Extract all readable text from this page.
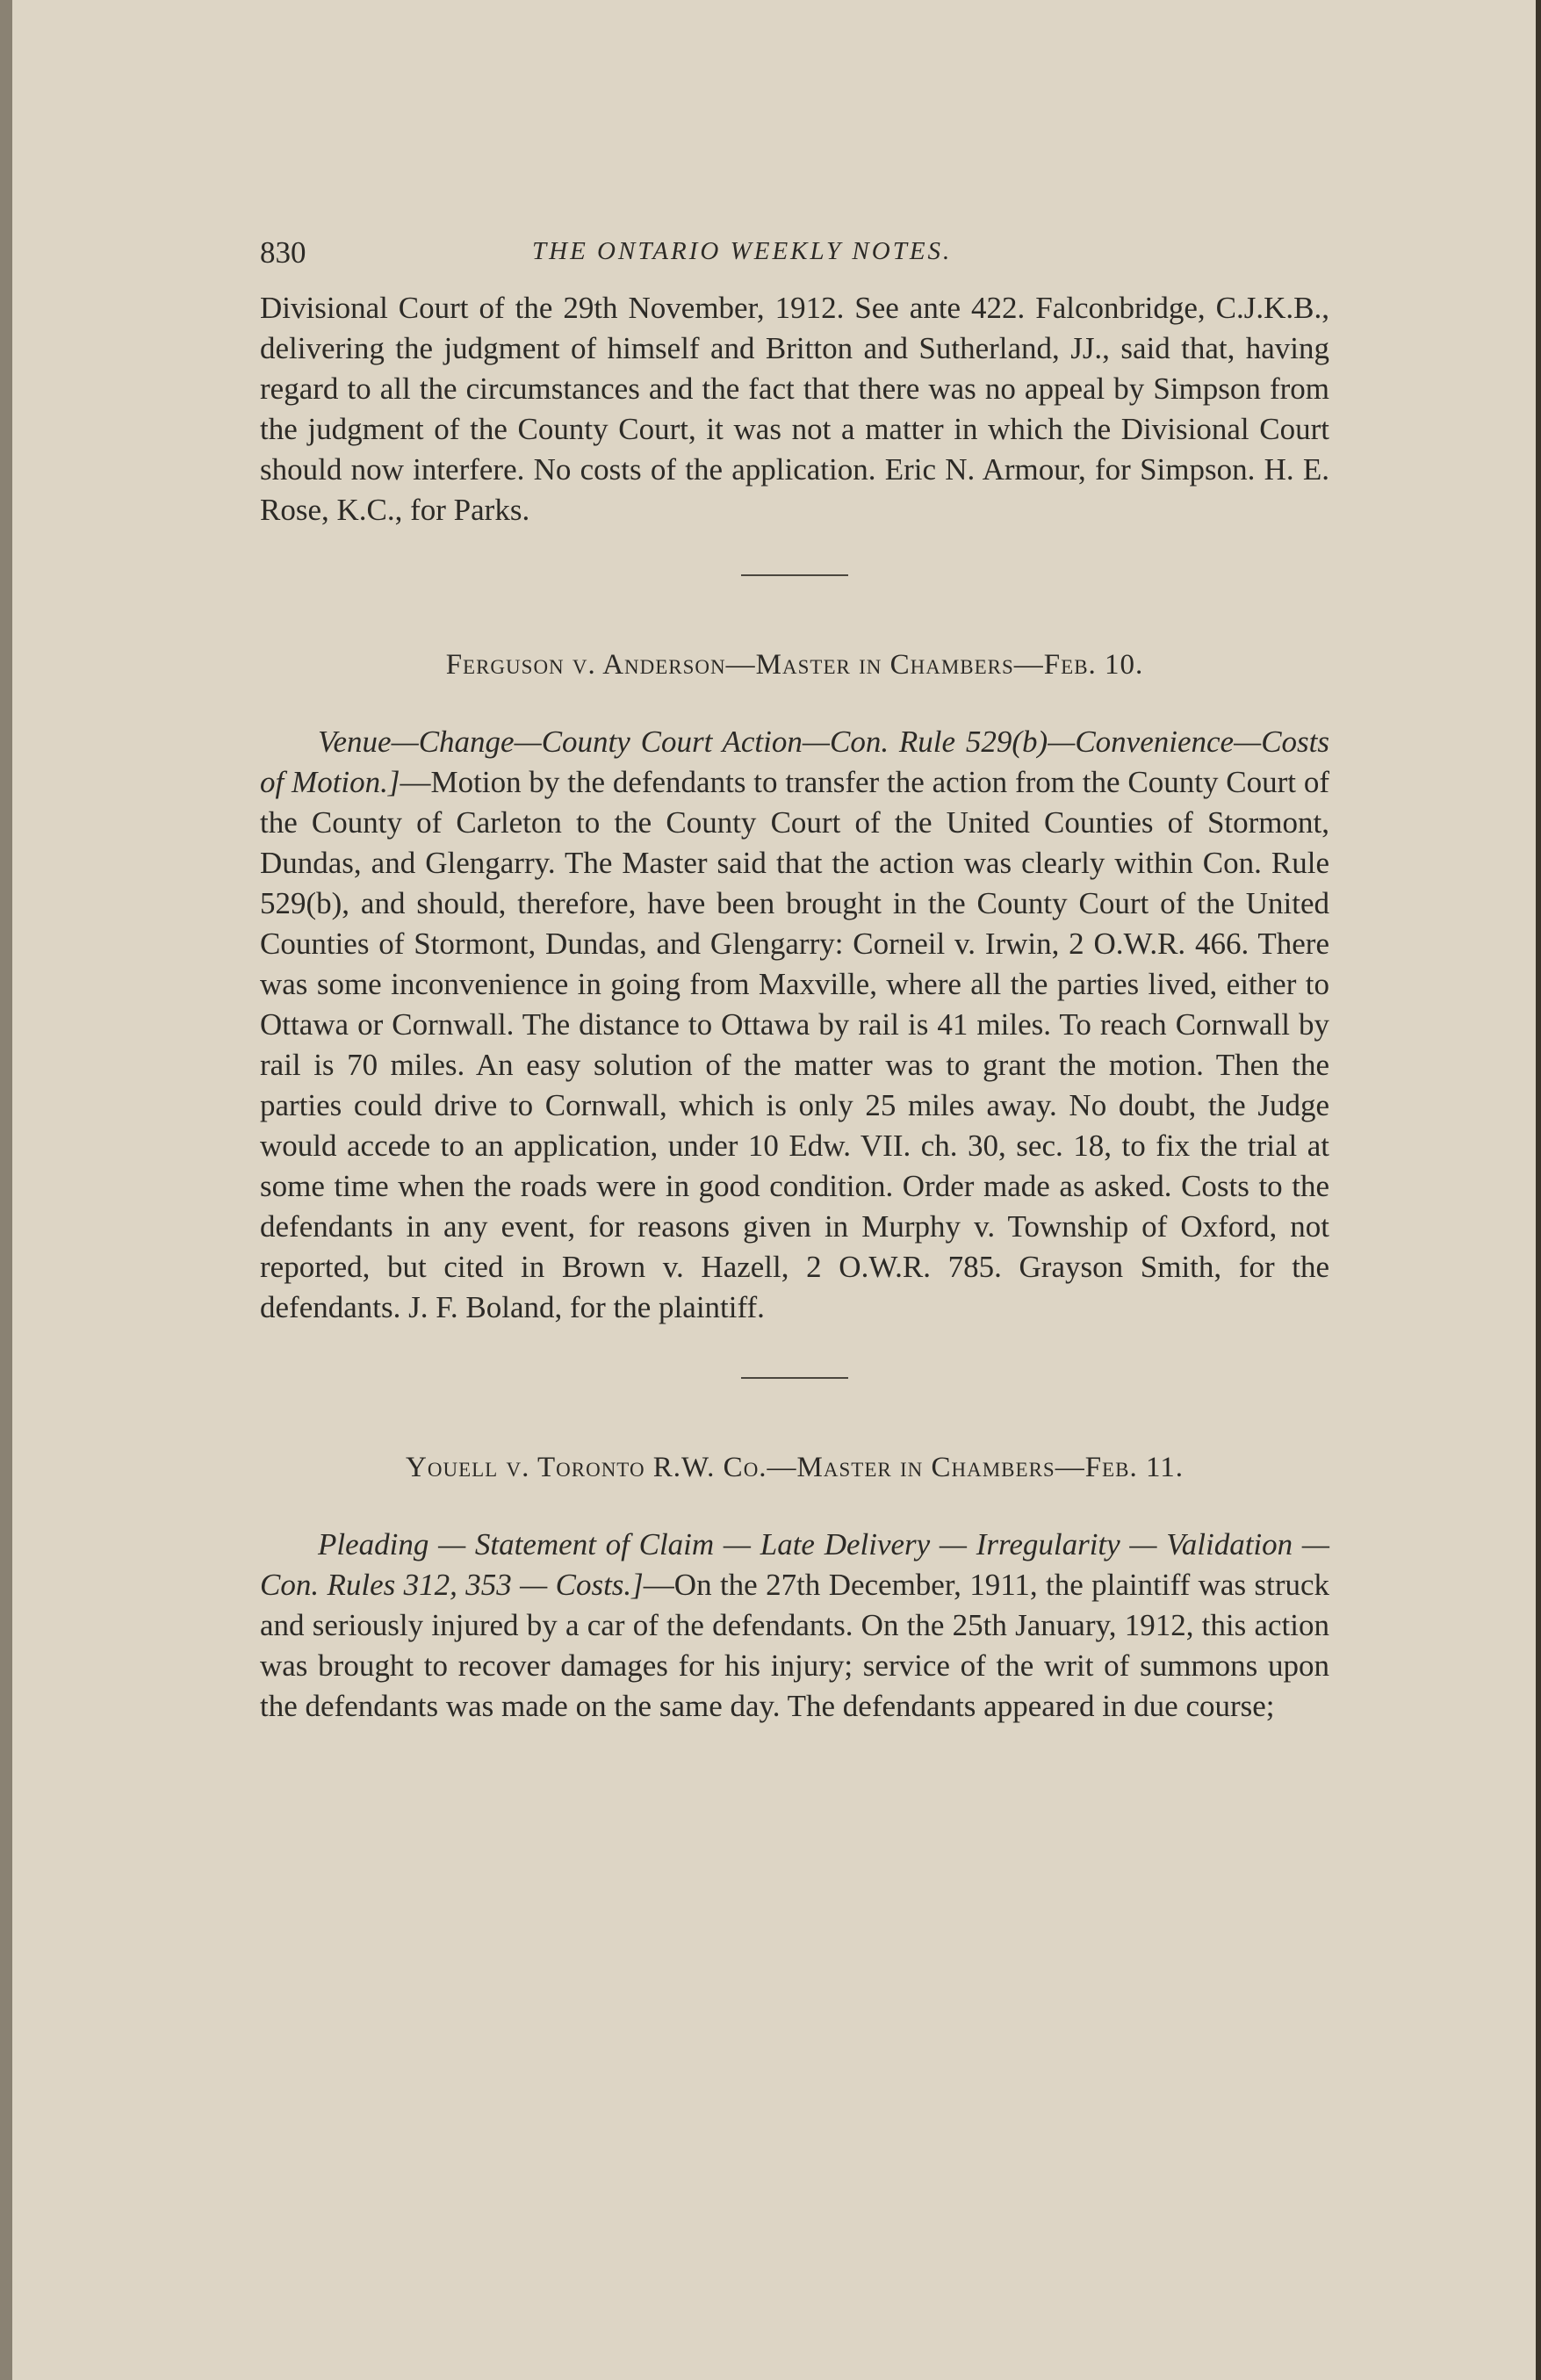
830	THE ONTARIO WEEKLY NOTES.

Divisional Court of the 29th November, 1912. See ante 422. Falconbridge, C.J.K.B., delivering the judgment of himself and Britton and Sutherland, JJ., said that, having regard to all the circumstances and the fact that there was no appeal by Simpson from the judgment of the County Court, it was not a matter in which the Divisional Court should now interfere. No costs of the application. Eric N. Armour, for Simpson. H. E. Rose, K.C., for Parks.

Ferguson v. Anderson—Master in Chambers—Feb. 10.

Venue—Change—County Court Action—Con. Rule 529(b)—Convenience—Costs of Motion.]—Motion by the defendants to transfer the action from the County Court of the County of Carleton to the County Court of the United Counties of Stormont, Dundas, and Glengarry. The Master said that the action was clearly within Con. Rule 529(b), and should, therefore, have been brought in the County Court of the United Counties of Stormont, Dundas, and Glengarry: Corneil v. Irwin, 2 O.W.R. 466. There was some inconvenience in going from Maxville, where all the parties lived, either to Ottawa or Cornwall. The distance to Ottawa by rail is 41 miles. To reach Cornwall by rail is 70 miles. An easy solution of the matter was to grant the motion. Then the parties could drive to Cornwall, which is only 25 miles away. No doubt, the Judge would accede to an application, under 10 Edw. VII. ch. 30, sec. 18, to fix the trial at some time when the roads were in good condition. Order made as asked. Costs to the defendants in any event, for reasons given in Murphy v. Township of Oxford, not reported, but cited in Brown v. Hazell, 2 O.W.R. 785. Grayson Smith, for the defendants. J. F. Boland, for the plaintiff.

Youell v. Toronto R.W. Co.—Master in Chambers—Feb. 11.

Pleading — Statement of Claim — Late Delivery — Irregularity — Validation — Con. Rules 312, 353 — Costs.]—On the 27th December, 1911, the plaintiff was struck and seriously injured by a car of the defendants. On the 25th January, 1912, this action was brought to recover damages for his injury; service of the writ of summons upon the defendants was made on the same day. The defendants appeared in due course;
